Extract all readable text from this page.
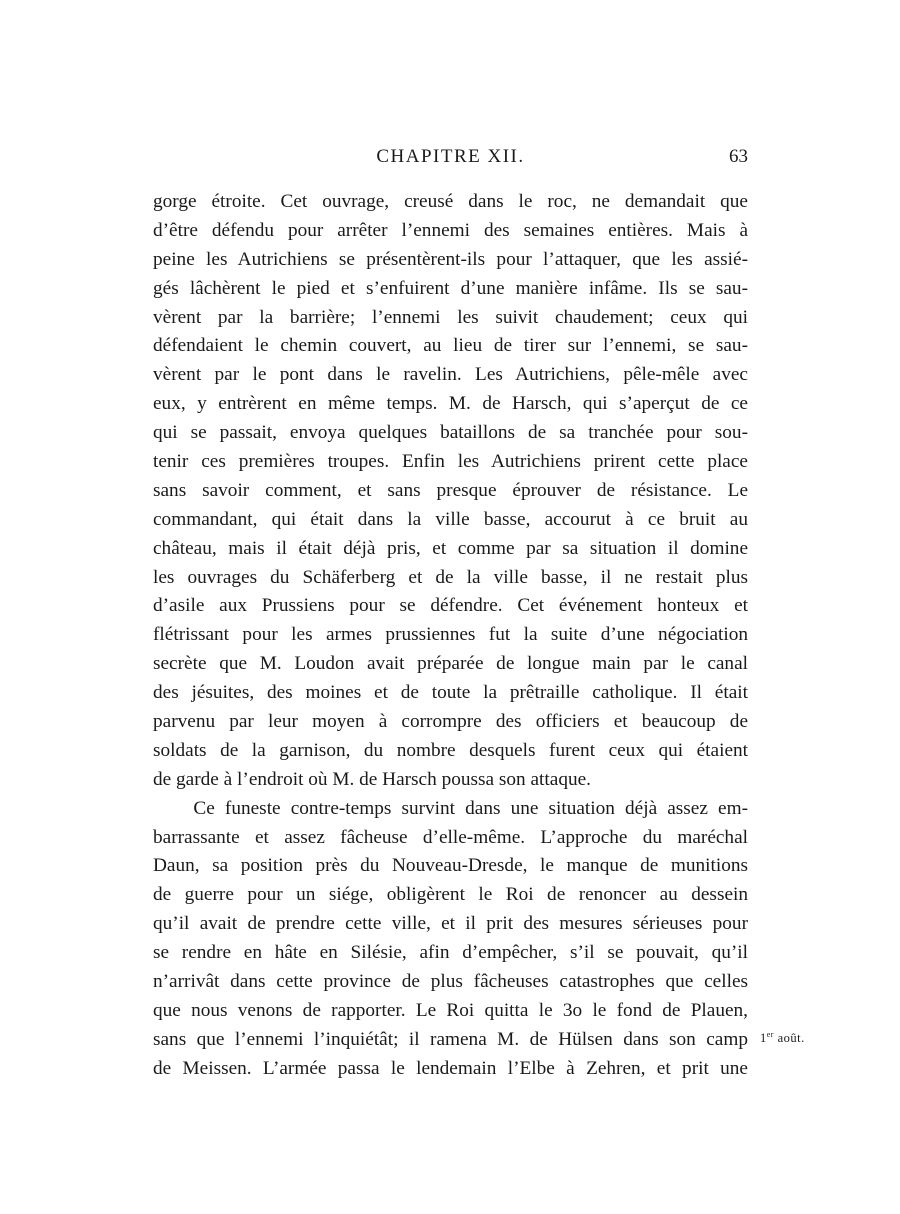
CHAPITRE XII.	63
gorge étroite. Cet ouvrage, creusé dans le roc, ne demandait que
d’être défendu pour arrêter l’ennemi des semaines entières. Mais à
peine les Autrichiens se présentèrent-ils pour l’attaquer, que les assié-
gés lâchèrent le pied et s’enfuirent d’une manière infâme. Ils se sau-
vèrent par la barrière; l’ennemi les suivit chaudement; ceux qui
défendaient le chemin couvert, au lieu de tirer sur l’ennemi, se sau-
vèrent par le pont dans le ravelin. Les Autrichiens, pêle-mêle avec
eux, y entrèrent en même temps. M. de Harsch, qui s’aperçut de ce
qui se passait, envoya quelques bataillons de sa tranchée pour sou-
tenir ces premières troupes. Enfin les Autrichiens prirent cette place
sans savoir comment, et sans presque éprouver de résistance. Le
commandant, qui était dans la ville basse, accourut à ce bruit au
château, mais il était déjà pris, et comme par sa situation il domine
les ouvrages du Schäferberg et de la ville basse, il ne restait plus
d’asile aux Prussiens pour se défendre. Cet événement honteux et
flétrissant pour les armes prussiennes fut la suite d’une négociation
secrète que M. Loudon avait préparée de longue main par le canal
des jésuites, des moines et de toute la prêtraille catholique. Il était
parvenu par leur moyen à corrompre des officiers et beaucoup de
soldats de la garnison, du nombre desquels furent ceux qui étaient
de garde à l’endroit où M. de Harsch poussa son attaque.
Ce funeste contre-temps survint dans une situation déjà assez em-
barrassante et assez fâcheuse d’elle-même. L’approche du maréchal
Daun, sa position près du Nouveau-Dresde, le manque de munitions
de guerre pour un siége, obligèrent le Roi de renoncer au dessein
qu’il avait de prendre cette ville, et il prit des mesures sérieuses pour
se rendre en hâte en Silésie, afin d’empêcher, s’il se pouvait, qu’il
n’arrivât dans cette province de plus fâcheuses catastrophes que celles
que nous venons de rapporter. Le Roi quitta le 3o le fond de Plauen,
sans que l’ennemi l’inquiétât; il ramena M. de Hülsen dans son camp
de Meissen. L’armée passa le lendemain l’Elbe à Zehren, et prit une
1er août.
